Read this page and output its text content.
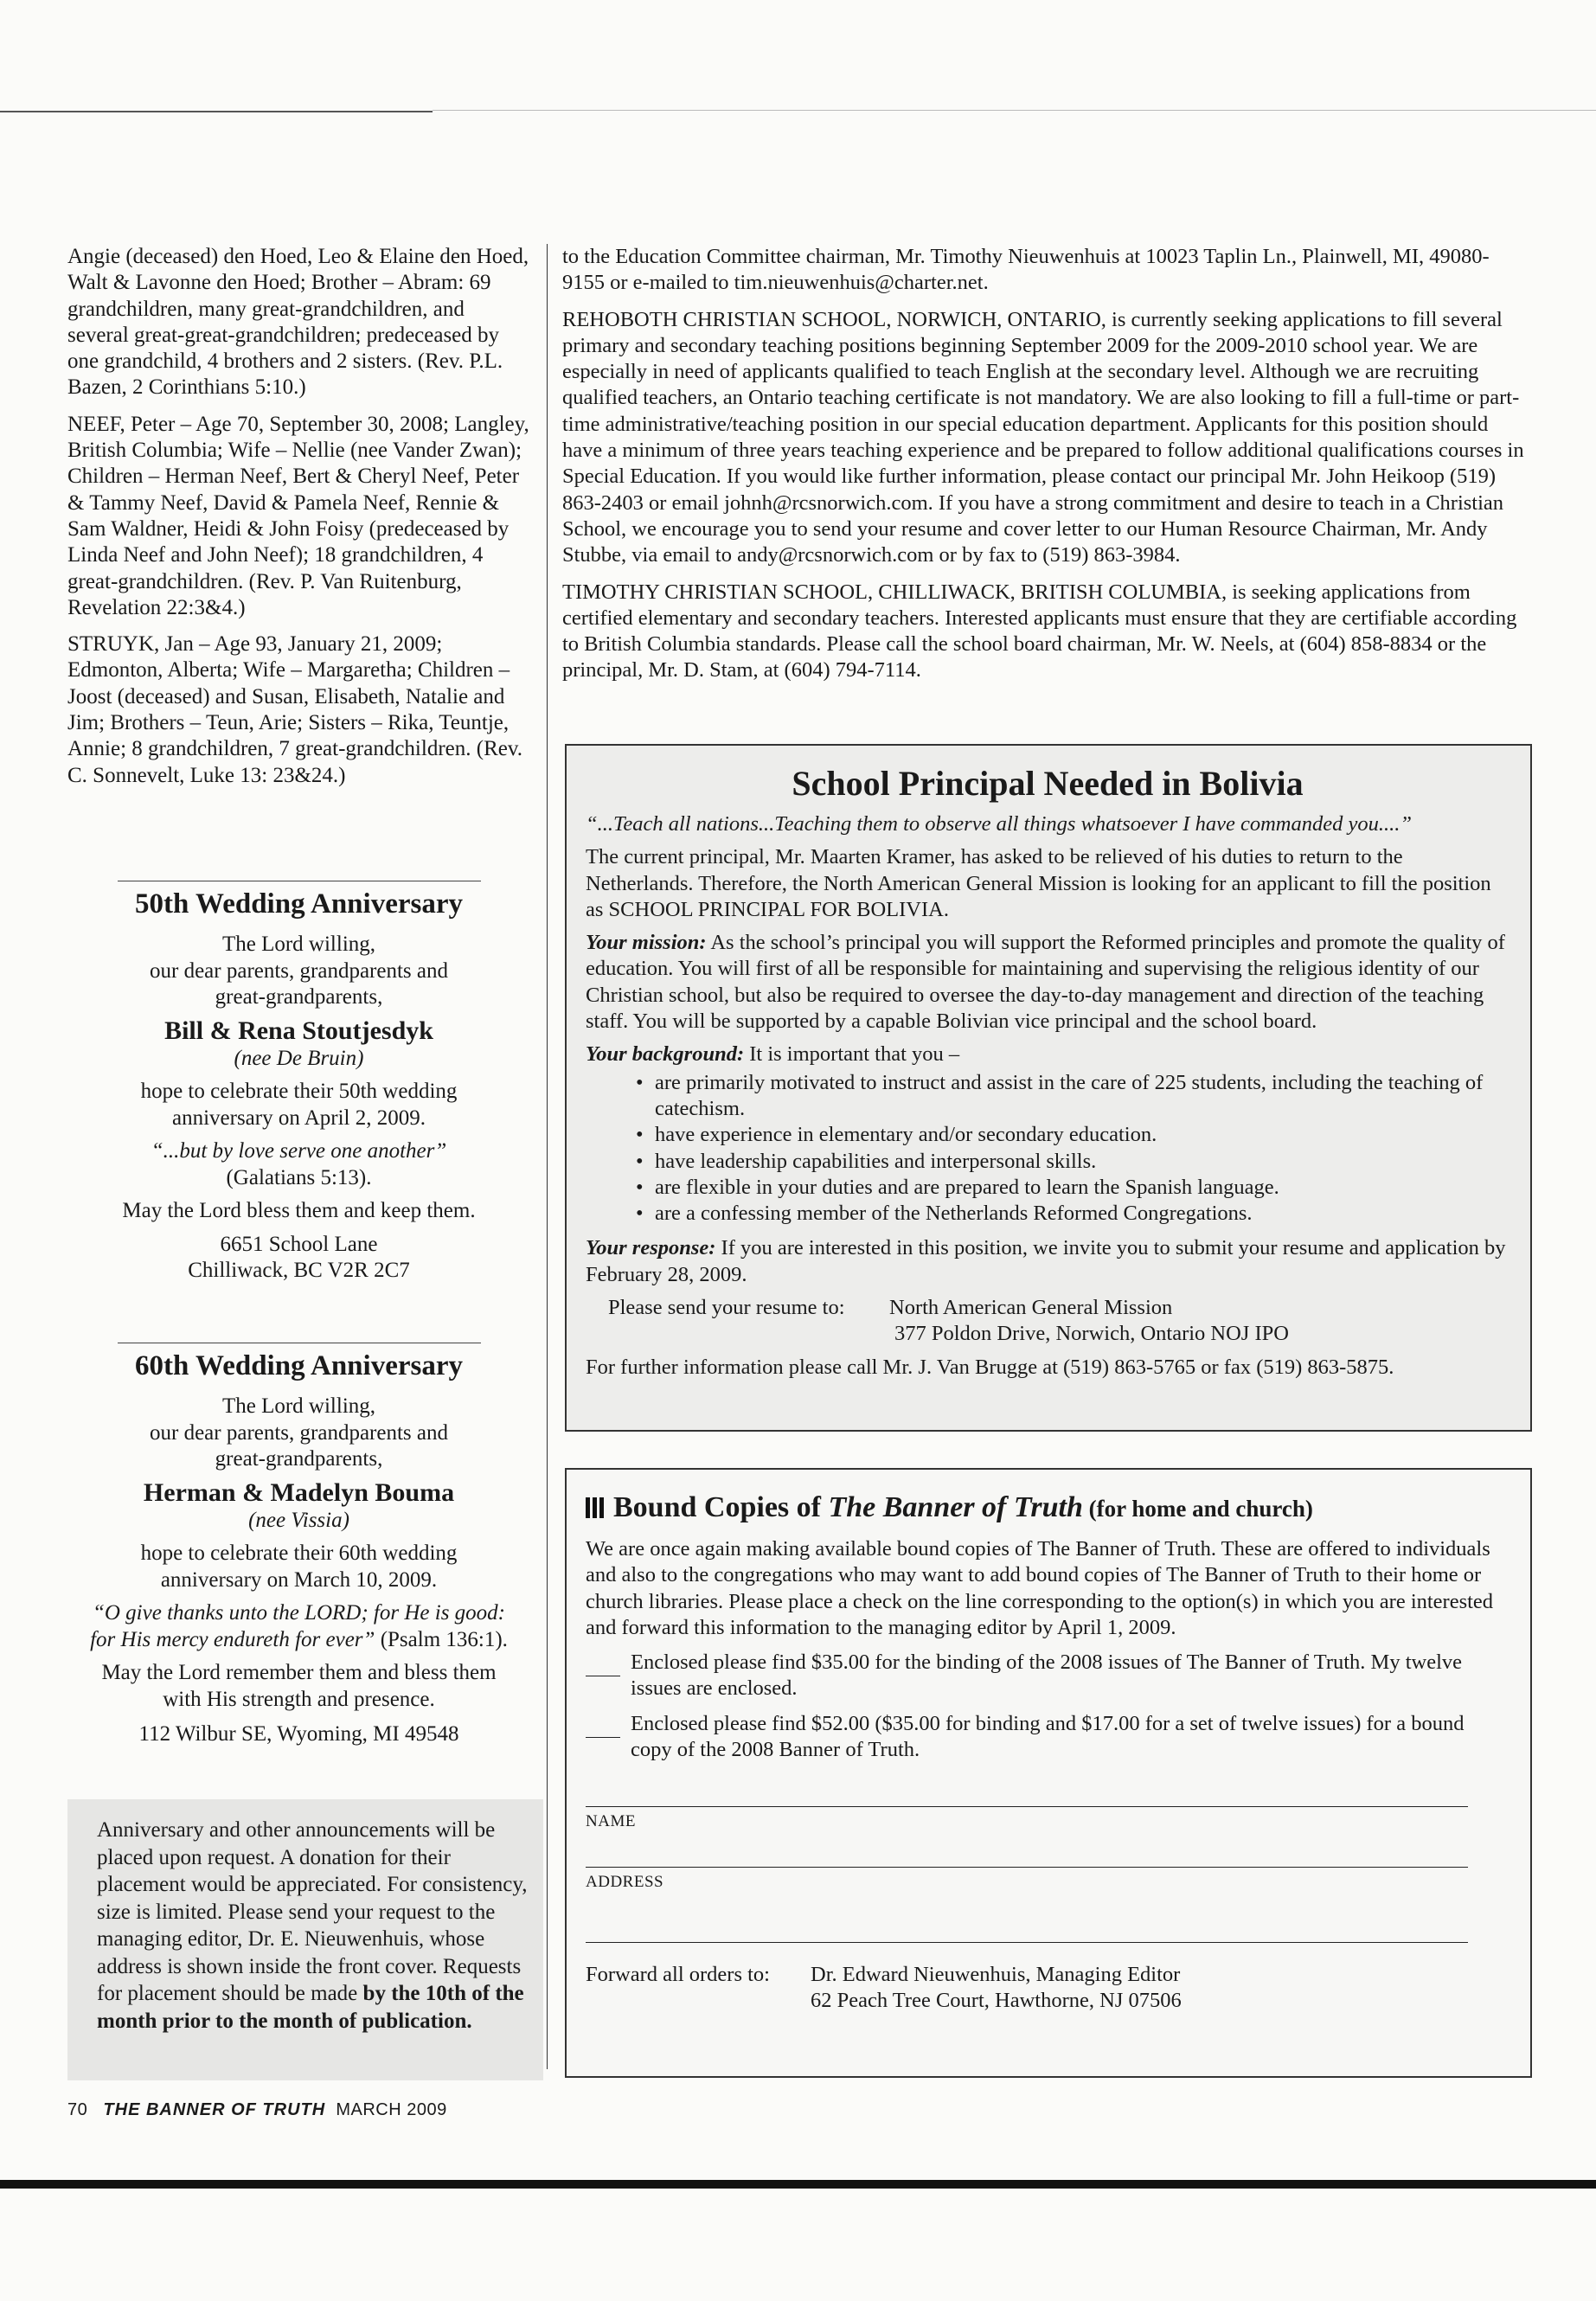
Angie (deceased) den Hoed, Leo & Elaine den Hoed, Walt & Lavonne den Hoed; Brother – Abram: 69 grandchildren, many great-grandchildren, and several great-great-grandchildren; predeceased by one grandchild, 4 brothers and 2 sisters. (Rev. P.L. Bazen, 2 Corinthians 5:10.)

NEEF, Peter – Age 70, September 30, 2008; Langley, British Columbia; Wife – Nellie (nee Vander Zwan); Children – Herman Neef, Bert & Cheryl Neef, Peter & Tammy Neef, David & Pamela Neef, Rennie & Sam Waldner, Heidi & John Foisy (predeceased by Linda Neef and John Neef); 18 grandchildren, 4 great-grandchildren. (Rev. P. Van Ruitenburg, Revelation 22:3&4.)

STRUYK, Jan – Age 93, January 21, 2009; Edmonton, Alberta; Wife – Margaretha; Children – Joost (deceased) and Susan, Elisabeth, Natalie and Jim; Brothers – Teun, Arie; Sisters – Rika, Teuntje, Annie; 8 grandchildren, 7 great-grandchildren. (Rev. C. Sonnevelt, Luke 13: 23&24.)

50th Wedding Anniversary
The Lord willing,
our dear parents, grandparents and
great-grandparents,
Bill & Rena Stoutjesdyk
(nee De Bruin)
hope to celebrate their 50th wedding
anniversary on April 2, 2009.
“...but by love serve one another”
(Galatians 5:13).
May the Lord bless them and keep them.
6651 School Lane
Chilliwack, BC V2R 2C7
60th Wedding Anniversary
The Lord willing,
our dear parents, grandparents and
great-grandparents,
Herman & Madelyn Bouma
(nee Vissia)
hope to celebrate their 60th wedding
anniversary on March 10, 2009.
“O give thanks unto the LORD; for He is good:
for His mercy endureth for ever” (Psalm 136:1).
May the Lord remember them and bless them
with His strength and presence.
112 Wilbur SE, Wyoming, MI 49548
Anniversary and other announcements will be placed upon request. A donation for their placement would be appreciated. For consistency, size is limited. Please send your request to the managing editor, Dr. E. Nieuwenhuis, whose address is shown inside the front cover. Requests for placement should be made by the 10th of the month prior to the month of publication.
70 THE BANNER OF TRUTH MARCH 2009

to the Education Committee chairman, Mr. Timothy Nieuwenhuis at 10023 Taplin Ln., Plainwell, MI, 49080-9155 or e-mailed to tim.nieuwenhuis@charter.net.

REHOBOTH CHRISTIAN SCHOOL, NORWICH, ONTARIO, is currently seeking applications to fill several primary and secondary teaching positions beginning September 2009 for the 2009-2010 school year. We are especially in need of applicants qualified to teach English at the secondary level. Although we are recruiting qualified teachers, an Ontario teaching certificate is not mandatory. We are also looking to fill a full-time or part-time administrative/teaching position in our special education department. Applicants for this position should have a minimum of three years teaching experience and be prepared to follow additional qualifications courses in Special Education. If you would like further information, please contact our principal Mr. John Heikoop (519) 863-2403 or email johnh@rcsnorwich.com. If you have a strong commitment and desire to teach in a Christian School, we encourage you to send your resume and cover letter to our Human Resource Chairman, Mr. Andy Stubbe, via email to andy@rcsnorwich.com or by fax to (519) 863-3984.

TIMOTHY CHRISTIAN SCHOOL, CHILLIWACK, BRITISH COLUMBIA, is seeking applications from certified elementary and secondary teachers. Interested applicants must ensure that they are certifiable according to British Columbia standards. Please call the school board chairman, Mr. W. Neels, at (604) 858-8834 or the principal, Mr. D. Stam, at (604) 794-7114.

School Principal Needed in Bolivia

“...Teach all nations...Teaching them to observe all things whatsoever I have commanded you....”

The current principal, Mr. Maarten Kramer, has asked to be relieved of his duties to return to the Netherlands. Therefore, the North American General Mission is looking for an applicant to fill the position as SCHOOL PRINCIPAL FOR BOLIVIA.

Your mission: As the school’s principal you will support the Reformed principles and promote the quality of education. You will first of all be responsible for maintaining and supervising the religious identity of our Christian school, but also be required to oversee the day-to-day management and direction of the teaching staff. You will be supported by a capable Bolivian vice principal and the school board.

Your background: It is important that you –

• are primarily motivated to instruct and assist in the care of 225 students, including the teaching of catechism.
• have experience in elementary and/or secondary education.
• have leadership capabilities and interpersonal skills.
• are flexible in your duties and are prepared to learn the Spanish language.
• are a confessing member of the Netherlands Reformed Congregations.

Your response: If you are interested in this position, we invite you to submit your resume and application by February 28, 2009.

Please send your resume to: North American General Mission
377 Poldon Drive, Norwich, Ontario NOJ IPO

For further information please call Mr. J. Van Brugge at (519) 863-5765 or fax (519) 863-5875.

Bound Copies of The Banner of Truth (for home and church)

We are once again making available bound copies of The Banner of Truth. These are offered to individuals and also to the congregations who may want to add bound copies of The Banner of Truth to their home or church libraries. Please place a check on the line corresponding to the option(s) in which you are interested and forward this information to the managing editor by April 1, 2009.

Enclosed please find $35.00 for the binding of the 2008 issues of The Banner of Truth. My twelve issues are enclosed.
Enclosed please find $52.00 ($35.00 for binding and $17.00 for a set of twelve issues) for a bound copy of the 2008 Banner of Truth.
NAME
ADDRESS
Forward all orders to:	Dr. Edward Nieuwenhuis, Managing Editor
62 Peach Tree Court, Hawthorne, NJ 07506
